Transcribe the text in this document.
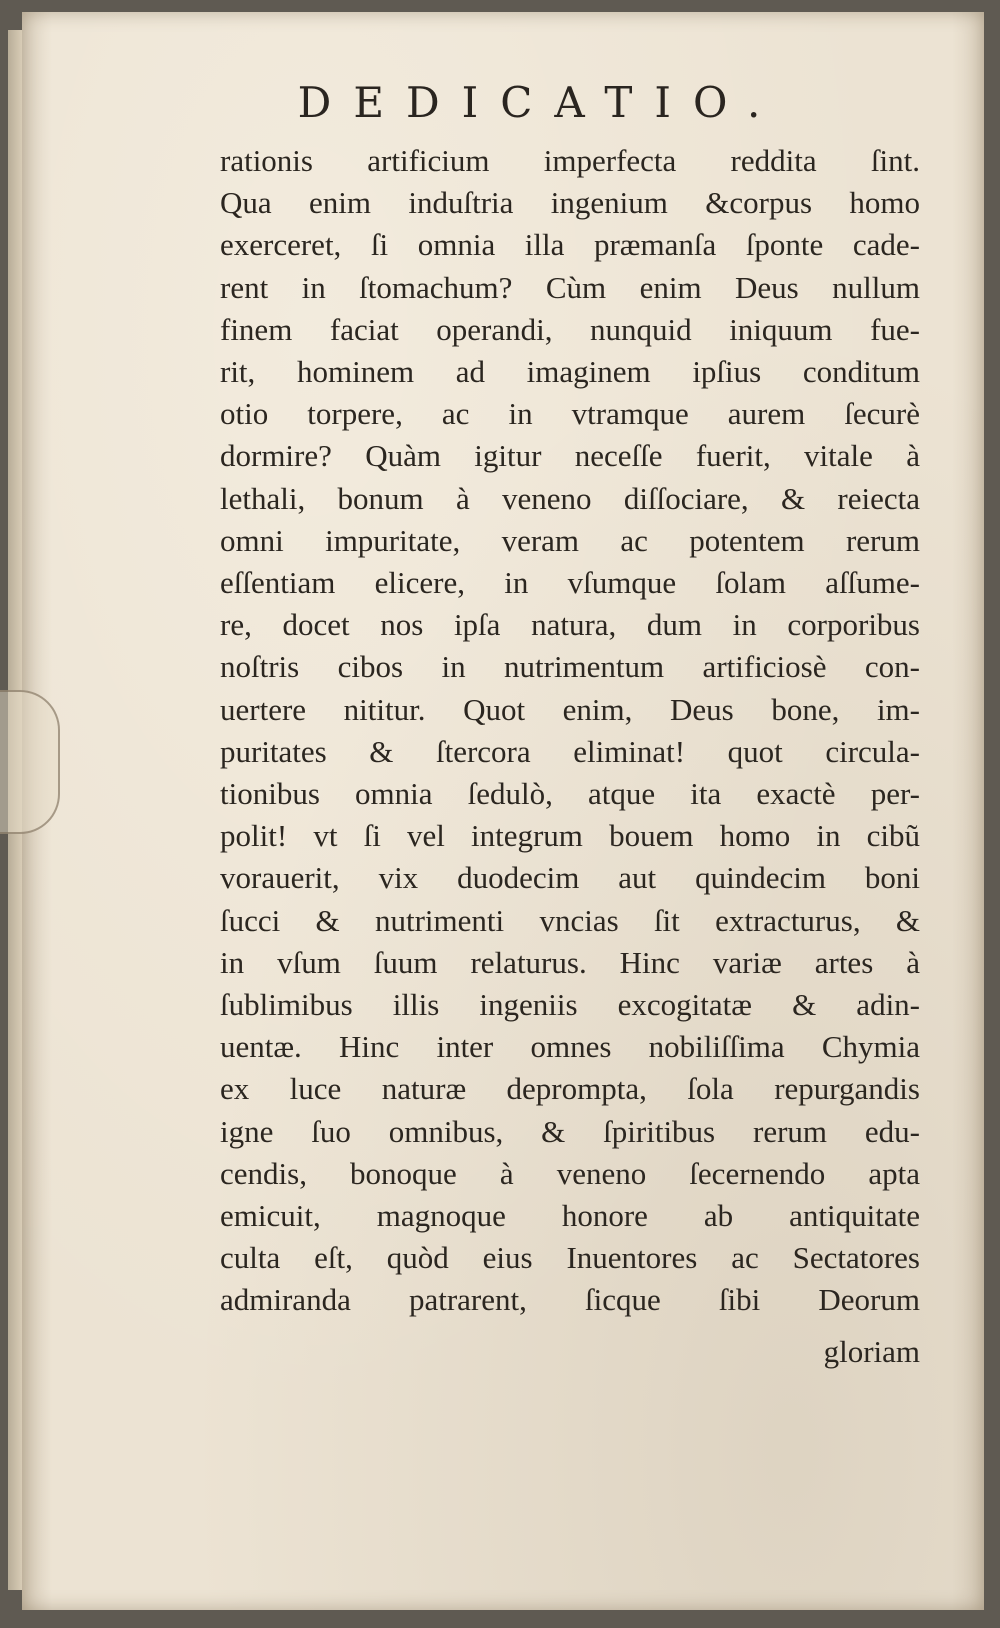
DEDICATIO.
rationis artificium imperfecta reddita ſint.
Qua enim induſtria ingenium &corpus homo
exerceret, ſi omnia illa præmanſa ſponte cade-
rent in ſtomachum? Cùm enim Deus nullum
finem faciat operandi, nunquid iniquum fue-
rit, hominem ad imaginem ipſius conditum
otio torpere, ac in vtramque aurem ſecurè
dormire? Quàm igitur neceſſe fuerit, vitale à
lethali, bonum à veneno diſſociare, & reiecta
omni impuritate, veram ac potentem rerum
eſſentiam elicere, in vſumque ſolam aſſume-
re, docet nos ipſa natura, dum in corporibus
noſtris cibos in nutrimentum artificiosè con-
uertere nititur. Quot enim, Deus bone, im-
puritates & ſtercora eliminat! quot circula-
tionibus omnia ſedulò, atque ita exactè per-
polit! vt ſi vel integrum bouem homo in cibũ
vorauerit, vix duodecim aut quindecim boni
ſucci & nutrimenti vncias ſit extracturus, &
in vſum ſuum relaturus. Hinc variæ artes à
ſublimibus illis ingeniis excogitatæ & adin-
uentæ. Hinc inter omnes nobiliſſima Chymia
ex luce naturæ deprompta, ſola repurgandis
igne ſuo omnibus, & ſpiritibus rerum edu-
cendis, bonoque à veneno ſecernendo apta
emicuit, magnoque honore ab antiquitate
culta eſt, quòd eius Inuentores ac Sectatores
admiranda patrarent, ſicque ſibi Deorum
gloriam
